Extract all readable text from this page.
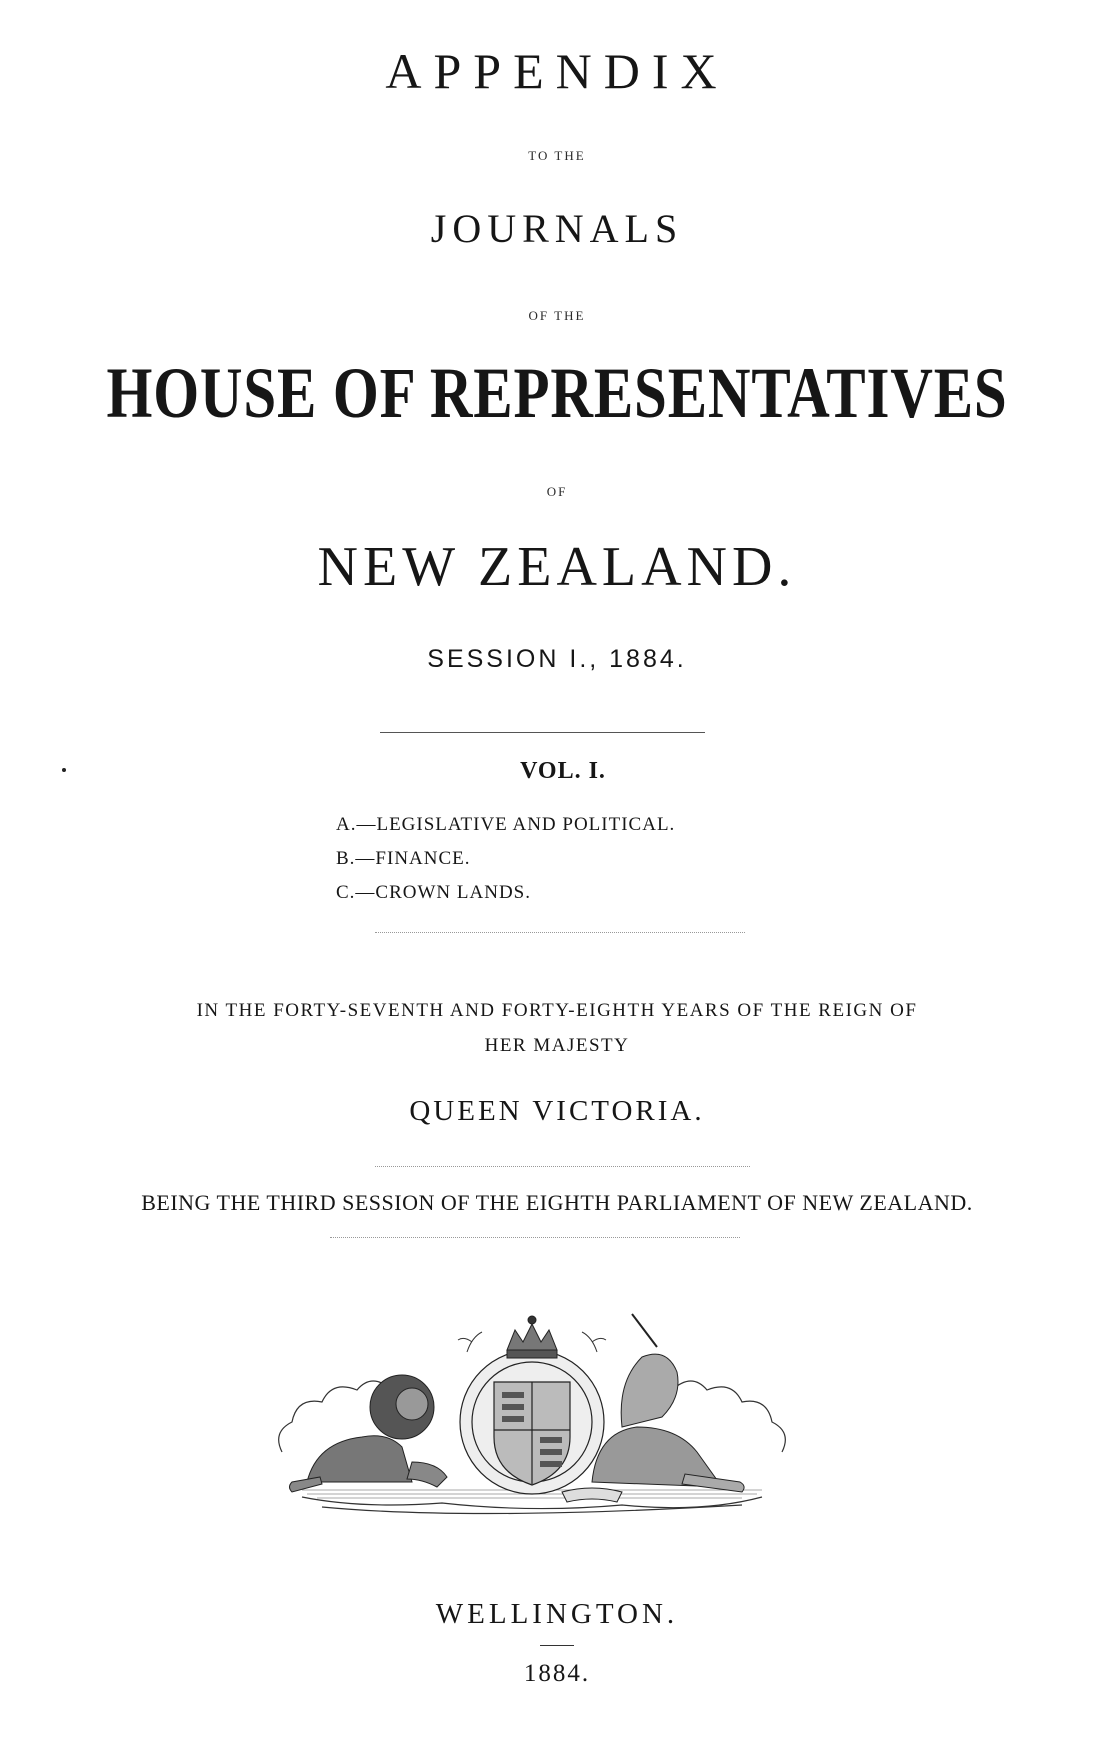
APPENDIX
TO THE
JOURNALS
OF THE
HOUSE OF REPRESENTATIVES
OF
NEW ZEALAND.
SESSION I., 1884.
VOL. I.
A.—LEGISLATIVE AND POLITICAL.
B.—FINANCE.
C.—CROWN LANDS.
IN THE FORTY-SEVENTH AND FORTY-EIGHTH YEARS OF THE REIGN OF
HER MAJESTY
QUEEN VICTORIA.
BEING THE THIRD SESSION OF THE EIGHTH PARLIAMENT OF NEW ZEALAND.
WELLINGTON.
1884.
